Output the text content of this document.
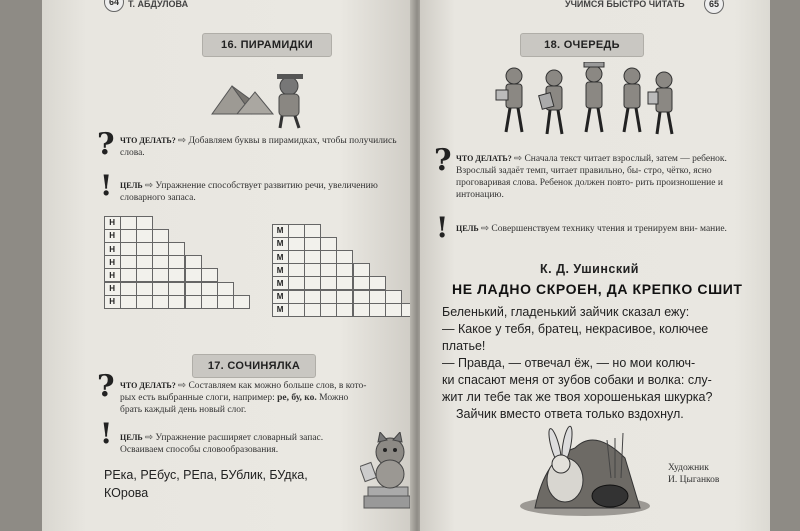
64	Т. АБДУЛОВА
16. ПИРАМИДКИ
? ЧТО ДЕЛАТЬ? ⇨ Добавляем буквы в пирамидках, чтобы получились слова.
! ЦЕЛЬ ⇨ Упражнение способствует развитию речи, увеличению словарного запаса.
Н
Н
Н
Н
Н
Н
Н
М
М
М
М
М
М
М
17. СОЧИНЯЛКА
? ЧТО ДЕЛАТЬ? ⇨ Составляем как можно больше слов, в кото-
рых есть выбранные слоги, например: ре, бу, ко. Можно
брать каждый день новый слог.
! ЦЕЛЬ ⇨ Упражнение расширяет словарный запас. Осваиваем способы словообразования.
РЕка, РЕбус, РЕпа, БУблик, БУдка,
КОрова
УЧИМСЯ БЫСТРО ЧИТАТЬ	65
18. ОЧЕРЕДЬ
? ЧТО ДЕЛАТЬ? ⇨ Сначала текст читает взрослый, затем — ребенок. Взрослый задаёт темп, читает правильно, бы- стро, чётко, ясно проговаривая слова. Ребенок должен повто- рить произношение и интонацию.
! ЦЕЛЬ ⇨ Совершенствуем технику чтения и тренируем вни- мание.
К. Д. Ушинский
НЕ ЛАДНО СКРОЕН, ДА КРЕПКО СШИТ

Беленький, гладенький зайчик сказал ежу:

— Какое у тебя, братец, некрасивое, колючее

платье!

— Правда, — отвечал ёж, — но мои колюч-

ки спасают меня от зубов собаки и волка: слу-

жит ли тебе так же твоя хорошенькая шкурка?

Зайчик вместо ответа только вздохнул.

Художник
И. Цыганков
